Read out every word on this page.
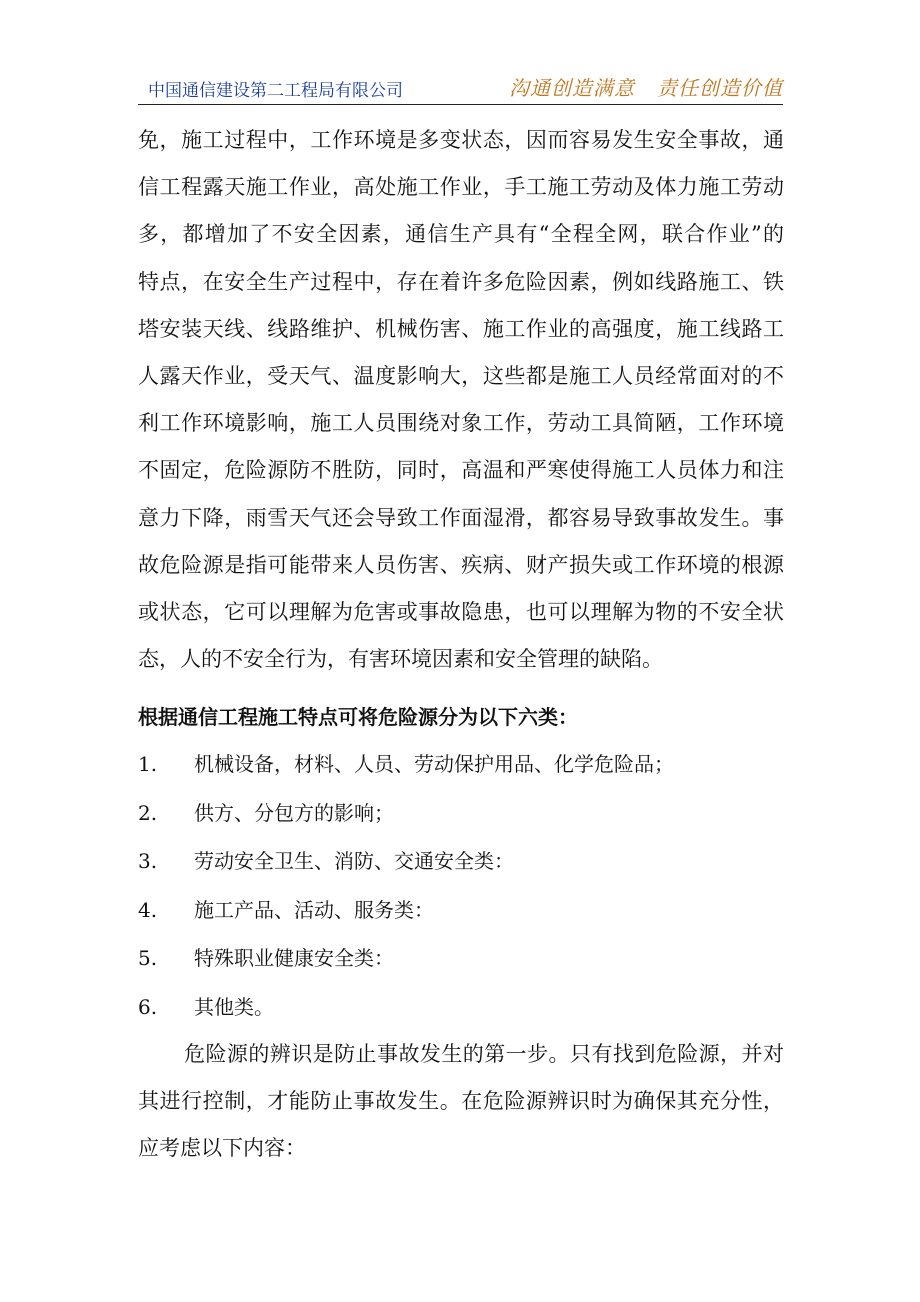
中国通信建设第二工程局有限公司	沟通创造满意 责任创造价值
免，施工过程中，工作环境是多变状态，因而容易发生安全事故，通
信工程露天施工作业，高处施工作业，手工施工劳动及体力施工劳动
多，都增加了不安全因素，通信生产具有“全程全网，联合作业”的
特点，在安全生产过程中，存在着许多危险因素，例如线路施工、铁
塔安装天线、线路维护、机械伤害、施工作业的高强度，施工线路工
人露天作业，受天气、温度影响大，这些都是施工人员经常面对的不
利工作环境影响，施工人员围绕对象工作，劳动工具简陋，工作环境
不固定，危险源防不胜防，同时，高温和严寒使得施工人员体力和注
意力下降，雨雪天气还会导致工作面湿滑，都容易导致事故发生。事
故危险源是指可能带来人员伤害、疾病、财产损失或工作环境的根源
或状态，它可以理解为危害或事故隐患，也可以理解为物的不安全状
态，人的不安全行为，有害环境因素和安全管理的缺陷。
根据通信工程施工特点可将危险源分为以下六类：
1. 机械设备，材料、人员、劳动保护用品、化学危险品；
2. 供方、分包方的影响；
3. 劳动安全卫生、消防、交通安全类：
4. 施工产品、活动、服务类：
5. 特殊职业健康安全类：
6. 其他类。
危险源的辨识是防止事故发生的第一步。只有找到危险源，并对
其进行控制，才能防止事故发生。在危险源辨识时为确保其充分性，
应考虑以下内容：
